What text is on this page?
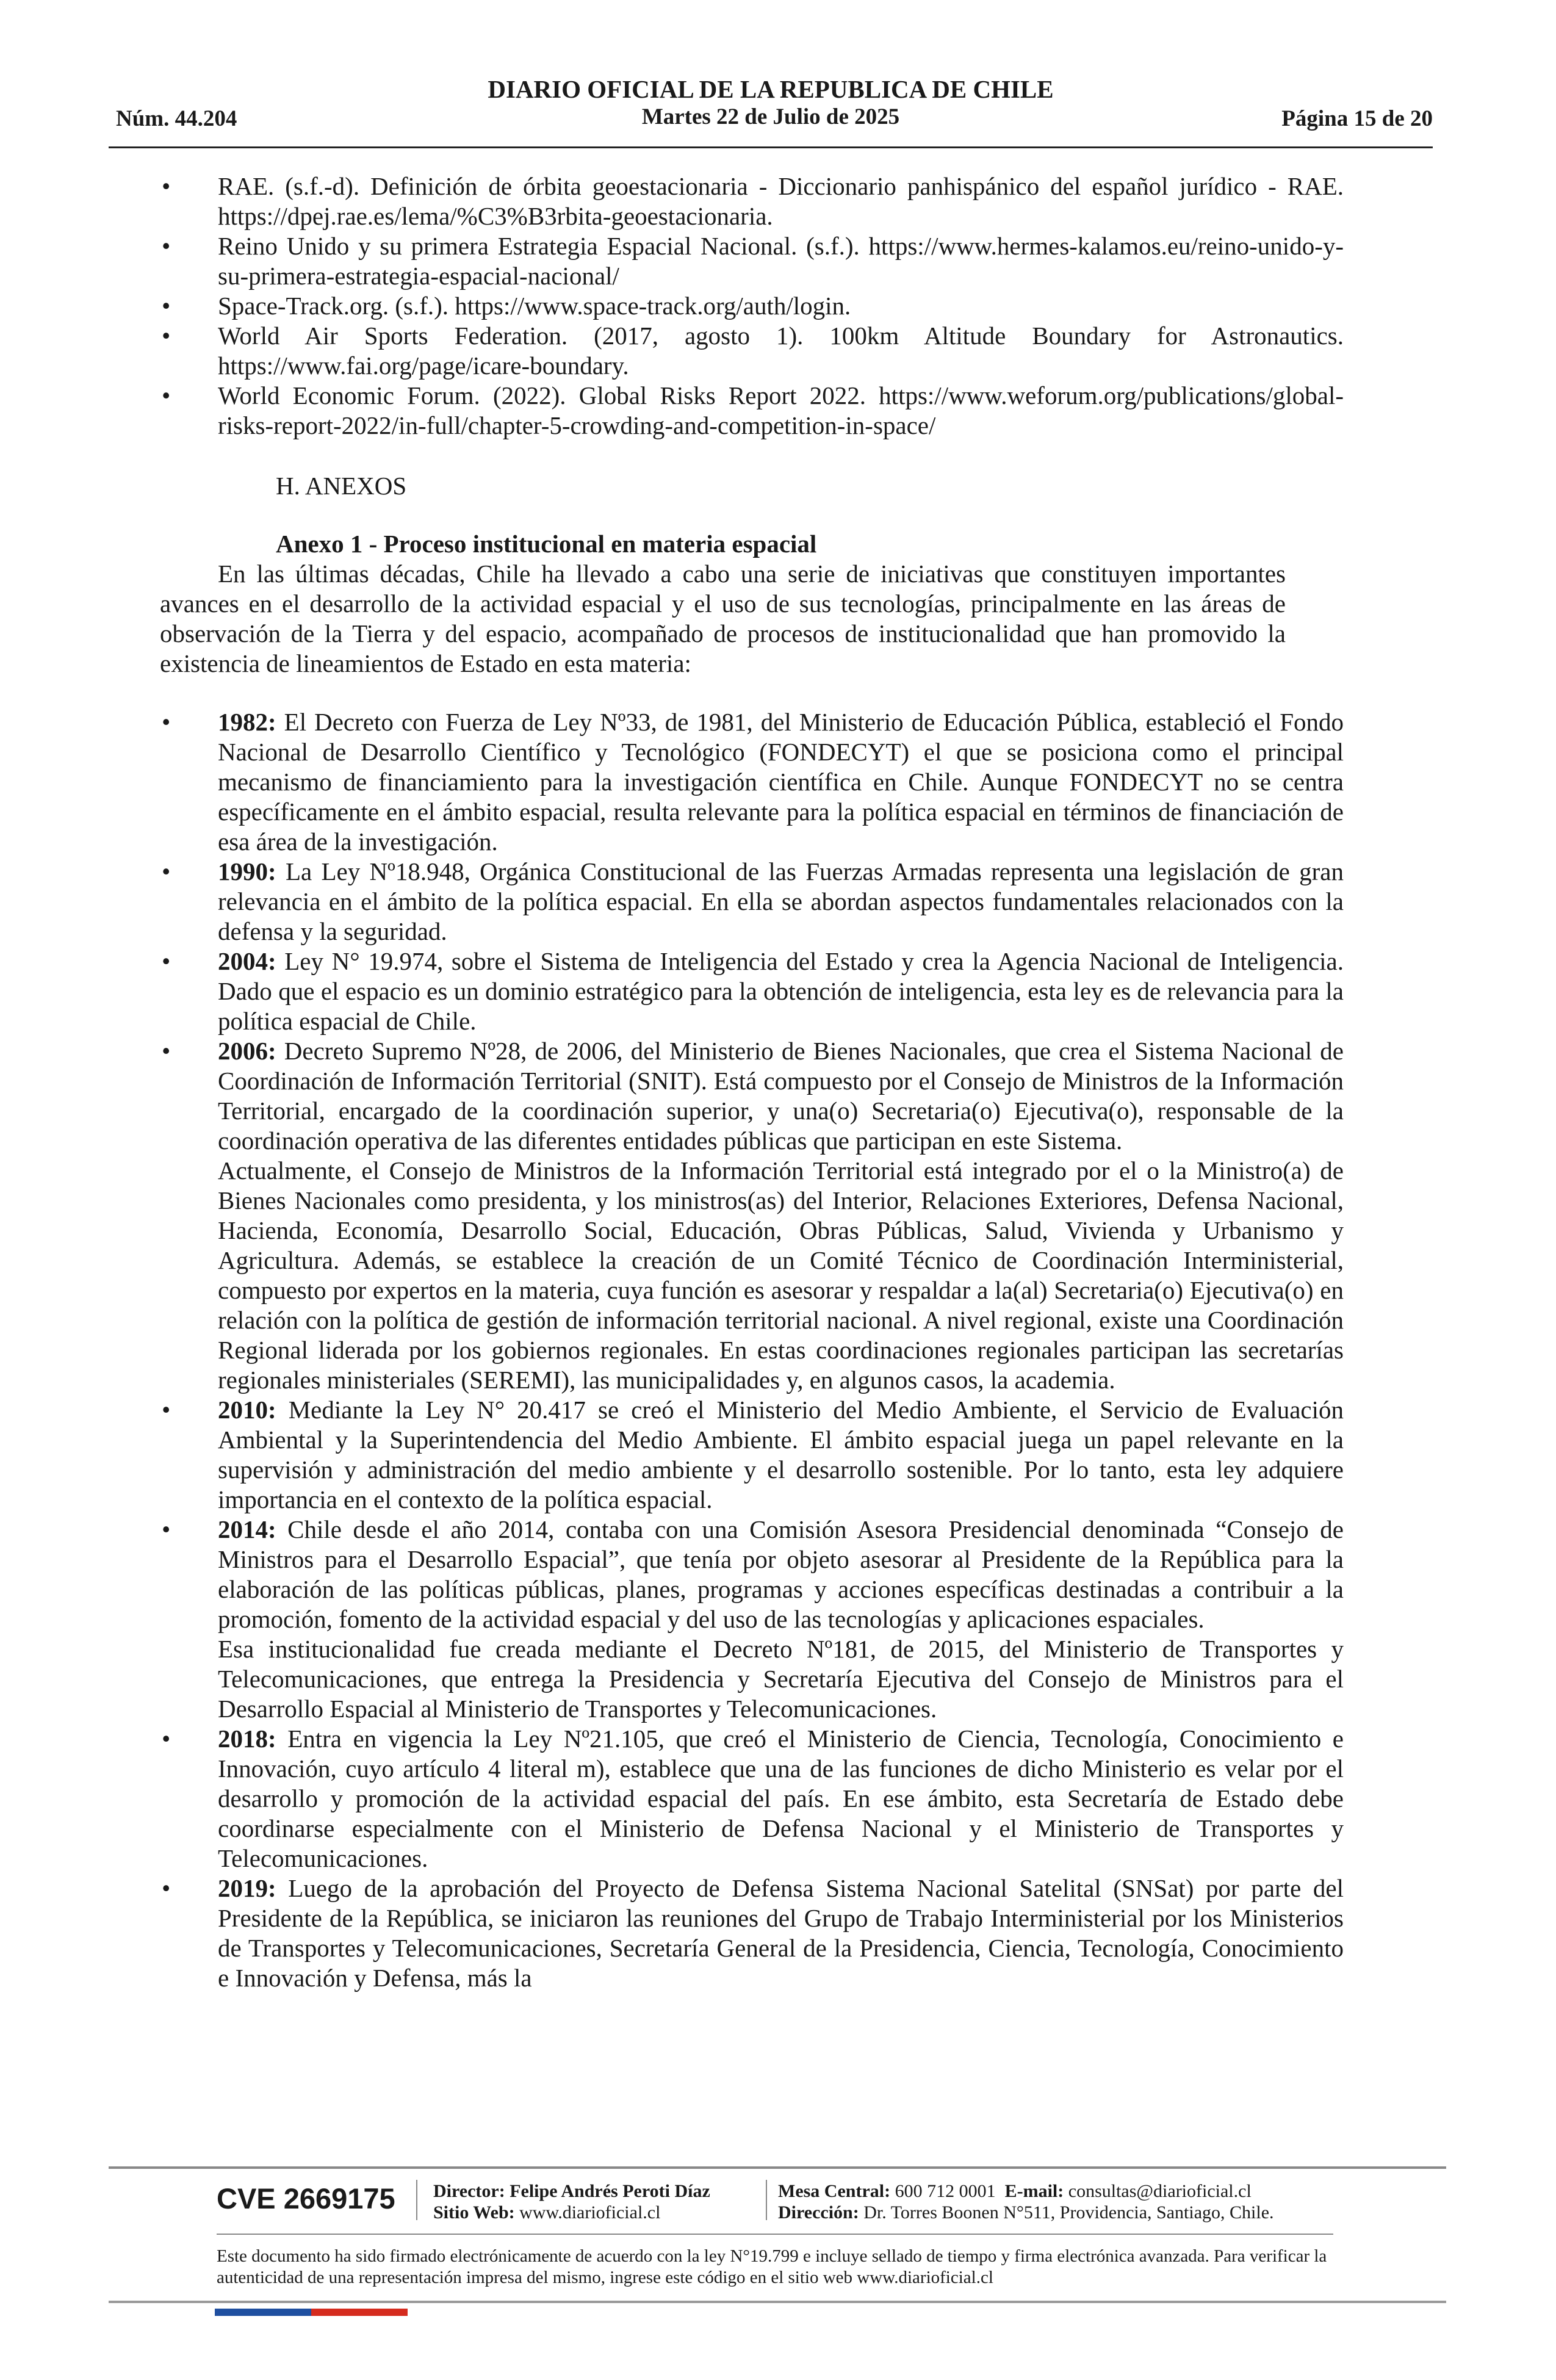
Núm. 44.204
DIARIO OFICIAL DE LA REPUBLICA DE CHILE
Martes 22 de Julio de 2025	Página 15 de 20
• RAE. (s.f.-d). Definición de órbita geoestacionaria - Diccionario panhispánico del español jurídico - RAE. https://dpej.rae.es/lema/%C3%B3rbita-geoestacionaria.
• Reino Unido y su primera Estrategia Espacial Nacional. (s.f.). https://www.hermes-kalamos.eu/reino-unido-y-su-primera-estrategia-espacial-nacional/
• Space-Track.org. (s.f.). https://www.space-track.org/auth/login.
• World Air Sports Federation. (2017, agosto 1). 100km Altitude Boundary for Astronautics. https://www.fai.org/page/icare-boundary.
• World Economic Forum. (2022). Global Risks Report 2022. https://www.weforum.org/publications/global-risks-report-2022/in-full/chapter-5-crowding-and-competition-in-space/

H. ANEXOS

Anexo 1 - Proceso institucional en materia espacial

En las últimas décadas, Chile ha llevado a cabo una serie de iniciativas que constituyen importantes avances en el desarrollo de la actividad espacial y el uso de sus tecnologías, principalmente en las áreas de observación de la Tierra y del espacio, acompañado de procesos de institucionalidad que han promovido la existencia de lineamientos de Estado en esta materia:

• 1982: El Decreto con Fuerza de Ley Nº33, de 1981, del Ministerio de Educación Pública, estableció el Fondo Nacional de Desarrollo Científico y Tecnológico (FONDECYT) el que se posiciona como el principal mecanismo de financiamiento para la investigación científica en Chile. Aunque FONDECYT no se centra específicamente en el ámbito espacial, resulta relevante para la política espacial en términos de financiación de esa área de la investigación.
• 1990: La Ley Nº18.948, Orgánica Constitucional de las Fuerzas Armadas representa una legislación de gran relevancia en el ámbito de la política espacial. En ella se abordan aspectos fundamentales relacionados con la defensa y la seguridad.
• 2004: Ley N° 19.974, sobre el Sistema de Inteligencia del Estado y crea la Agencia Nacional de Inteligencia. Dado que el espacio es un dominio estratégico para la obtención de inteligencia, esta ley es de relevancia para la política espacial de Chile.
• 2006: Decreto Supremo Nº28, de 2006, del Ministerio de Bienes Nacionales, que crea el Sistema Nacional de Coordinación de Información Territorial (SNIT). Está compuesto por el Consejo de Ministros de la Información Territorial, encargado de la coordinación superior, y una(o) Secretaria(o) Ejecutiva(o), responsable de la coordinación operativa de las diferentes entidades públicas que participan en este Sistema.

Actualmente, el Consejo de Ministros de la Información Territorial está integrado por el o la Ministro(a) de Bienes Nacionales como presidenta, y los ministros(as) del Interior, Relaciones Exteriores, Defensa Nacional, Hacienda, Economía, Desarrollo Social, Educación, Obras Públicas, Salud, Vivienda y Urbanismo y Agricultura. Además, se establece la creación de un Comité Técnico de Coordinación Interministerial, compuesto por expertos en la materia, cuya función es asesorar y respaldar a la(al) Secretaria(o) Ejecutiva(o) en relación con la política de gestión de información territorial nacional. A nivel regional, existe una Coordinación Regional liderada por los gobiernos regionales. En estas coordinaciones regionales participan las secretarías regionales ministeriales (SEREMI), las municipalidades y, en algunos casos, la academia.

• 2010: Mediante la Ley N° 20.417 se creó el Ministerio del Medio Ambiente, el Servicio de Evaluación Ambiental y la Superintendencia del Medio Ambiente. El ámbito espacial juega un papel relevante en la supervisión y administración del medio ambiente y el desarrollo sostenible. Por lo tanto, esta ley adquiere importancia en el contexto de la política espacial.
• 2014: Chile desde el año 2014, contaba con una Comisión Asesora Presidencial denominada “Consejo de Ministros para el Desarrollo Espacial”, que tenía por objeto asesorar al Presidente de la República para la elaboración de las políticas públicas, planes, programas y acciones específicas destinadas a contribuir a la promoción, fomento de la actividad espacial y del uso de las tecnologías y aplicaciones espaciales.

Esa institucionalidad fue creada mediante el Decreto Nº181, de 2015, del Ministerio de Transportes y Telecomunicaciones, que entrega la Presidencia y Secretaría Ejecutiva del Consejo de Ministros para el Desarrollo Espacial al Ministerio de Transportes y Telecomunicaciones.

• 2018: Entra en vigencia la Ley Nº21.105, que creó el Ministerio de Ciencia, Tecnología, Conocimiento e Innovación, cuyo artículo 4 literal m), establece que una de las funciones de dicho Ministerio es velar por el desarrollo y promoción de la actividad espacial del país. En ese ámbito, esta Secretaría de Estado debe coordinarse especialmente con el Ministerio de Defensa Nacional y el Ministerio de Transportes y Telecomunicaciones.
• 2019: Luego de la aprobación del Proyecto de Defensa Sistema Nacional Satelital (SNSat) por parte del Presidente de la República, se iniciaron las reuniones del Grupo de Trabajo Interministerial por los Ministerios de Transportes y Telecomunicaciones, Secretaría General de la Presidencia, Ciencia, Tecnología, Conocimiento e Innovación y Defensa, más la
CVE 2669175 Director: Felipe Andrés Peroti Díaz
Sitio Web: www.diarioficial.cl
Mesa Central: 600 712 0001 E-mail: consultas@diarioficial.cl
Dirección: Dr. Torres Boonen N°511, Providencia, Santiago, Chile.
Este documento ha sido firmado electrónicamente de acuerdo con la ley N°19.799 e incluye sellado de tiempo y firma electrónica avanzada. Para verificar la autenticidad de una representación impresa del mismo, ingrese este código en el sitio web www.diarioficial.cl
